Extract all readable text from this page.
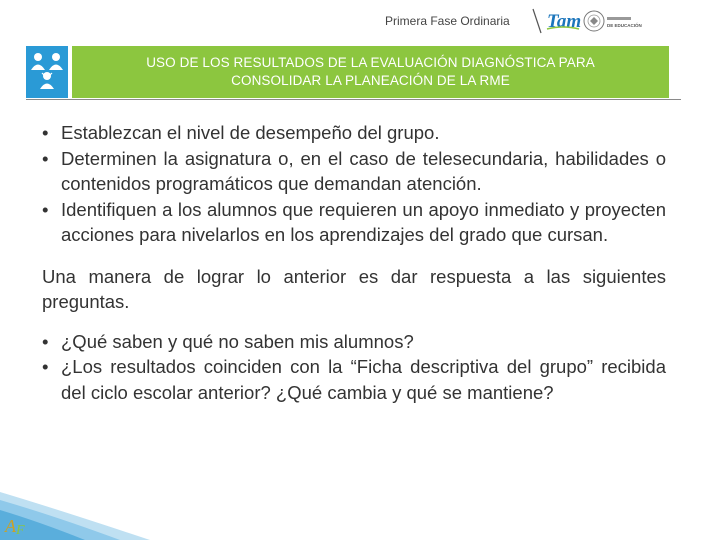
Primera Fase Ordinaria Tam	DE EDUCACIÓN
USO DE LOS RESULTADOS DE LA EVALUACIÓN DIAGNÓSTICA PARA
CONSOLIDAR LA PLANEACIÓN DE LA RME

• Establezcan el nivel de desempeño del grupo.

• Determinen la asignatura o, en el caso de telesecundaria, habilidades o contenidos programáticos que demandan atención.

• Identifiquen a los alumnos que requieren un apoyo inmediato y proyecten acciones para nivelarlos en los aprendizajes del grado que cursan.

Una manera de lograr lo anterior es dar respuesta a las siguientes preguntas.

• ¿Qué saben y qué no saben mis alumnos?

• ¿Los resultados coinciden con la “Ficha descriptiva del grupo” recibida del ciclo escolar anterior? ¿Qué cambia y qué se mantiene?

A F
